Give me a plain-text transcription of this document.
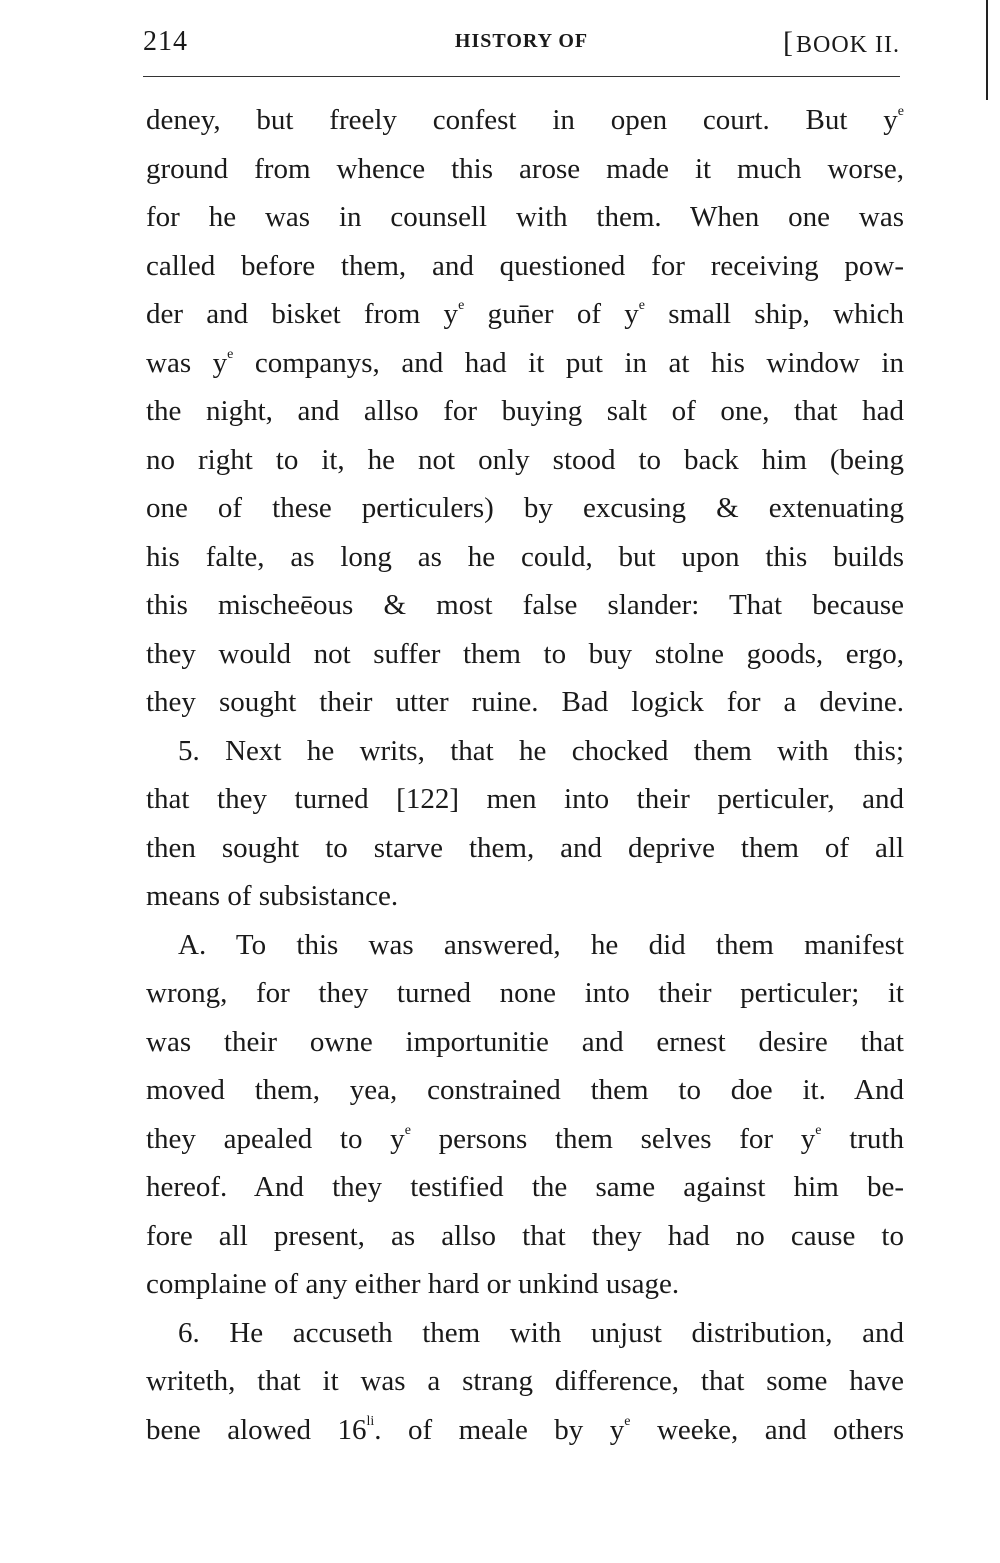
214	HISTORY OF	[BOOK II.
deney, but freely confest in open court. But $y^e$
ground from whence this arose made it much worse,
for he was in counsell with them. When one was
called before them, and questioned for receiving pow-
der and bisket from $y^e$ gun̄er of $y^e$ small ship, which
was $y^e$ companys, and had it put in at his window in
the night, and allso for buying salt of one, that had
no right to it, he not only stood to back him (being
one of these perticulers) by excusing & extenuating
his falte, as long as he could, but upon this builds
this mischeēous & most false slander: That because
they would not suffer them to buy stolne goods, ergo,
they sought their utter ruine. Bad logick for a devine.
5. Next he writs, that he chocked them with this;
that they turned [122] men into their perticuler, and
then sought to starve them, and deprive them of all
means of subsistance.
A. To this was answered, he did them manifest
wrong, for they turned none into their perticuler; it
was their owne importunitie and ernest desire that
moved them, yea, constrained them to doe it. And
they apealed to $y^e$ persons them selves for $y^e$ truth
hereof. And they testified the same against him be-
fore all present, as allso that they had no cause to
complaine of any either hard or unkind usage.
6. He accuseth them with unjust distribution, and
writeth, that it was a strang difference, that some have
bene alowed $16^{li}$. of meale by $y^e$ weeke, and others
